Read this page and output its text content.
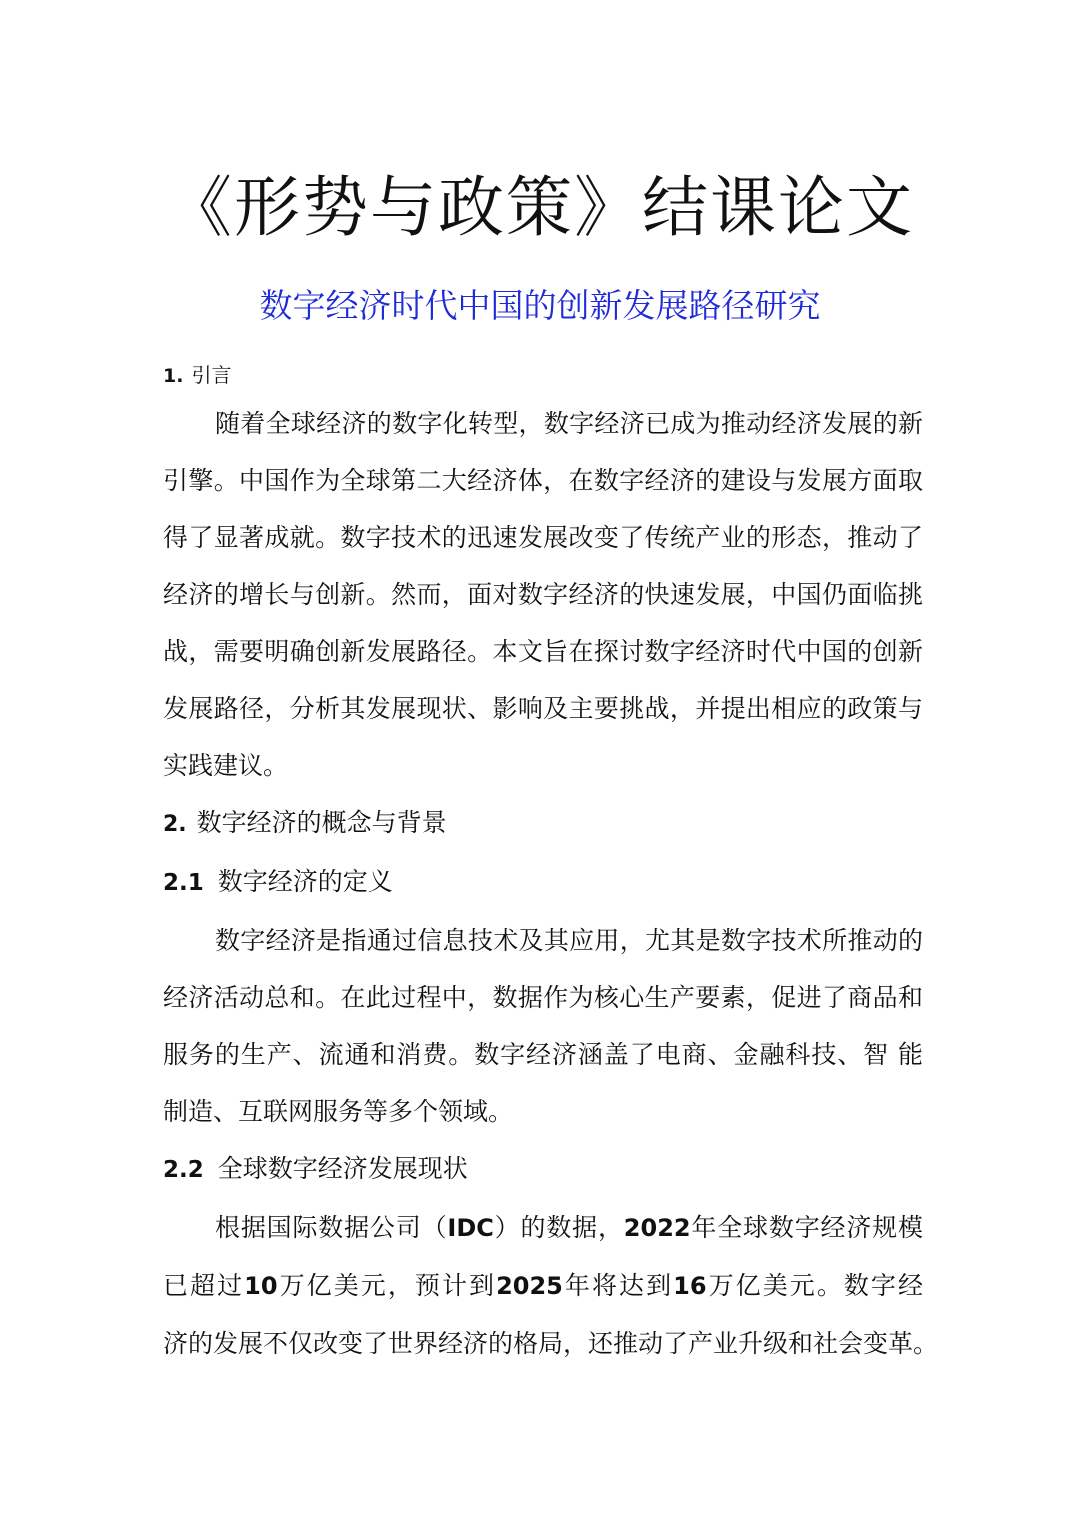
《形势与政策》结课论文
数字经济时代中国的创新发展路径研究
1. 引言
随着全球经济的数字化转型，数字经济已成为推动经济发展的新
引擎。中国作为全球第二大经济体，在数字经济的建设与发展方面取
得了显著成就。数字技术的迅速发展改变了传统产业的形态，推动了
经济的增长与创新。然而，面对数字经济的快速发展，中国仍面临挑
战，需要明确创新发展路径。本文旨在探讨数字经济时代中国的创新
发展路径，分析其发展现状、影响及主要挑战，并提出相应的政策与
实践建议。
2. 数字经济的概念与背景
2.1 数字经济的定义
数字经济是指通过信息技术及其应用，尤其是数字技术所推动的
经济活动总和。在此过程中，数据作为核心生产要素，促进了商品和
服务的生产、流通和消费。数字经济涵盖了电商、金融科技、智 能
制造、互联网服务等多个领域。
2.2 全球数字经济发展现状
根据国际数据公司（IDC）的数据，2022年全球数字经济规模
已超过10万亿美元，预计到2025年将达到16万亿美元。数字经
济的发展不仅改变了世界经济的格局，还推动了产业升级和社会变革。
